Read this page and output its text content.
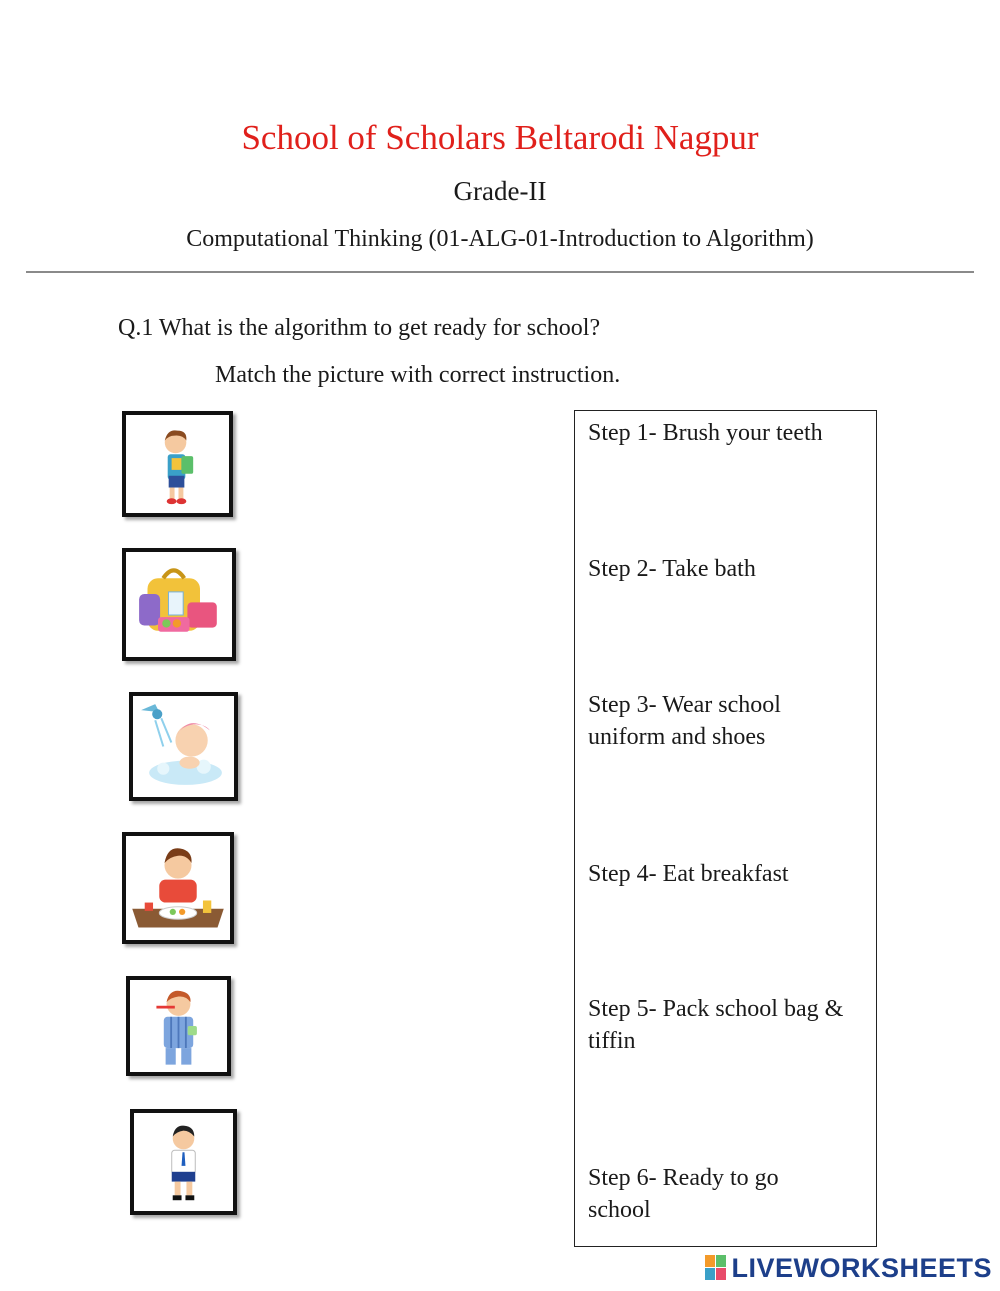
School of Scholars Beltarodi Nagpur
Grade-II
Computational Thinking (01-ALG-01-Introduction to Algorithm)
Q.1 What is the algorithm to get ready for school?
Match the picture with correct instruction.
Step 1- Brush your teeth
Step 2- Take bath
Step 3- Wear school
uniform and shoes
Step 4- Eat breakfast
Step 5- Pack school bag &
tiffin
Step 6- Ready to go
school
LIVEWORKSHEETS
